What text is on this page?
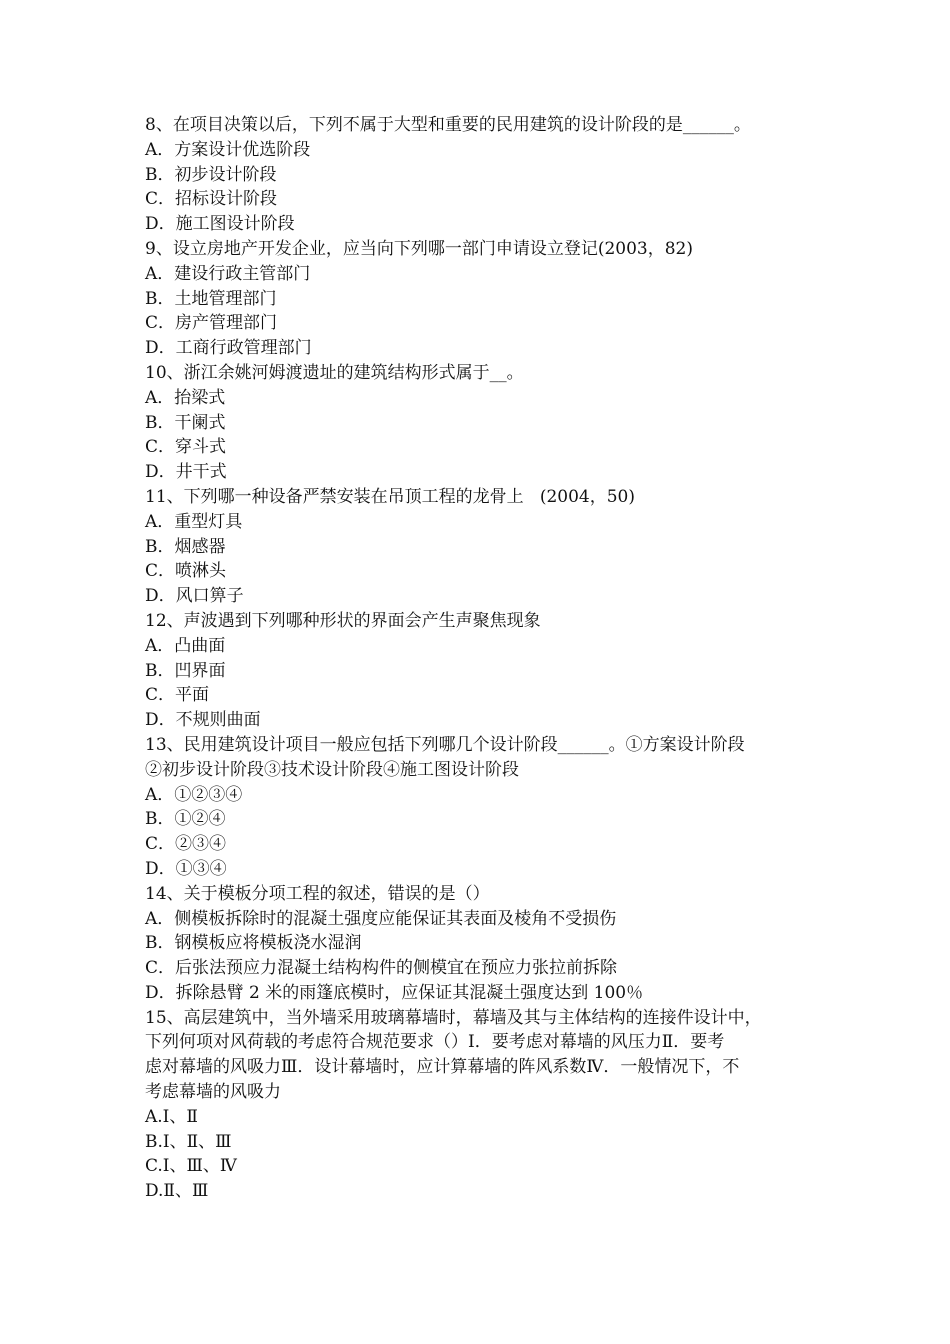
8、在项目决策以后，下列不属于大型和重要的民用建筑的设计阶段的是______。
A．方案设计优选阶段
B．初步设计阶段
C．招标设计阶段
D．施工图设计阶段
9、设立房地产开发企业，应当向下列哪一部门申请设立登记(2003，82)
A．建设行政主管部门
B．土地管理部门
C．房产管理部门
D．工商行政管理部门
10、浙江余姚河姆渡遗址的建筑结构形式属于__。
A．抬梁式
B．干阑式
C．穿斗式
D．井干式
11、下列哪一种设备严禁安装在吊顶工程的龙骨上   (2004，50)
A．重型灯具
B．烟感器
C．喷淋头
D．风口箅子
12、声波遇到下列哪种形状的界面会产生声聚焦现象
A．凸曲面
B．凹界面
C．平面
D．不规则曲面
13、民用建筑设计项目一般应包括下列哪几个设计阶段______。①方案设计阶段
②初步设计阶段③技术设计阶段④施工图设计阶段
A．①②③④
B．①②④
C．②③④
D．①③④
14、关于模板分项工程的叙述，错误的是（）
A．侧模板拆除时的混凝土强度应能保证其表面及棱角不受损伤
B．钢模板应将模板浇水湿润
C．后张法预应力混凝土结构构件的侧模宜在预应力张拉前拆除
D．拆除悬臂 2 米的雨篷底模时，应保证其混凝土强度达到 100％
15、高层建筑中，当外墙采用玻璃幕墙时，幕墙及其与主体结构的连接件设计中，
下列何项对风荷载的考虑符合规范要求（）Ⅰ．要考虑对幕墙的风压力Ⅱ．要考
虑对幕墙的风吸力Ⅲ．设计幕墙时，应计算幕墙的阵风系数Ⅳ．一般情况下，不
考虑幕墙的风吸力
A.Ⅰ、Ⅱ
B.Ⅰ、Ⅱ、Ⅲ
C.Ⅰ、Ⅲ、Ⅳ
D.Ⅱ、Ⅲ
